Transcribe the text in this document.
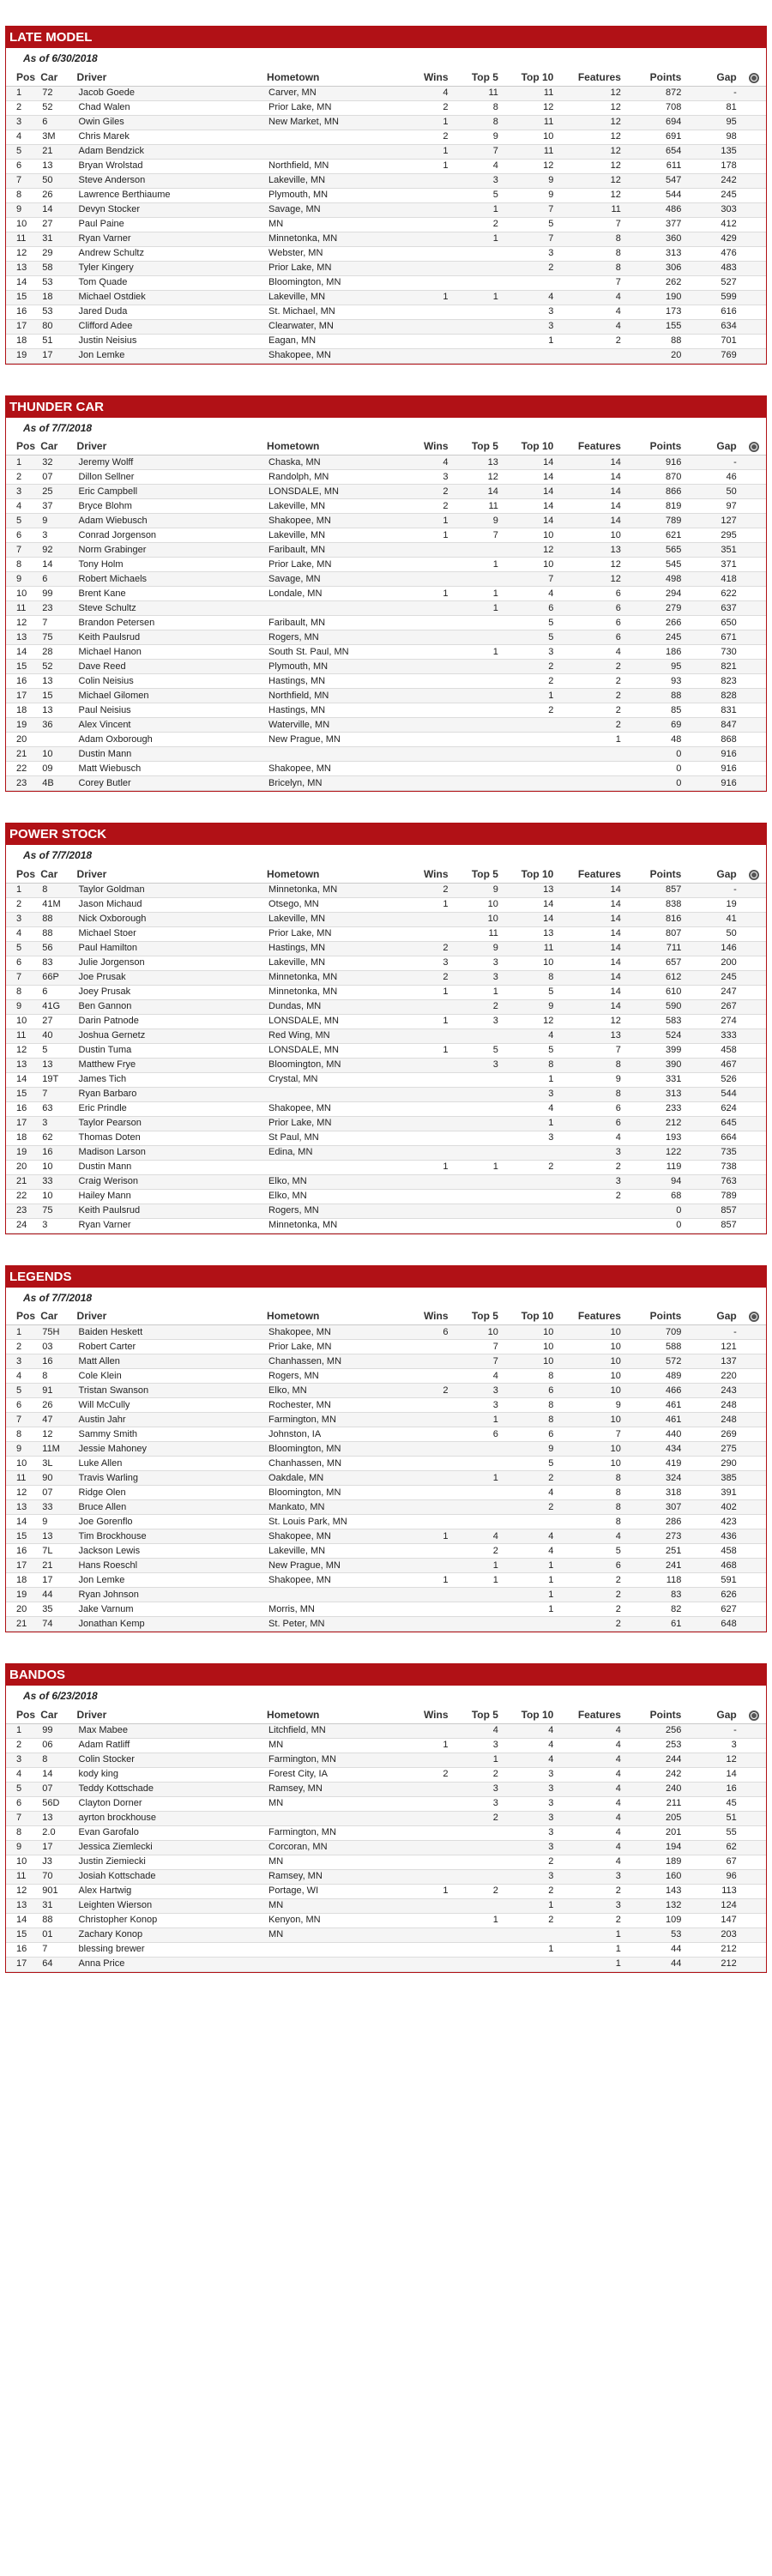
LATE MODEL
As of 6/30/2018
Pos	Car	Driver	Hometown	Wins	Top 5	Top 10	Features	Points	Gap	
1	72	Jacob Goede	Carver, MN	4	11	11	12	872	-	
2	52	Chad Walen	Prior Lake, MN	2	8	12	12	708	81	
3	6	Owin Giles	New Market, MN	1	8	11	12	694	95	
4	3M	Chris Marek		2	9	10	12	691	98	
5	21	Adam Bendzick		1	7	11	12	654	135	
6	13	Bryan Wrolstad	Northfield, MN	1	4	12	12	611	178	
7	50	Steve Anderson	Lakeville, MN		3	9	12	547	242	
8	26	Lawrence Berthiaume	Plymouth, MN		5	9	12	544	245	
9	14	Devyn Stocker	Savage, MN		1	7	11	486	303	
10	27	Paul Paine	MN		2	5	7	377	412	
11	31	Ryan Varner	Minnetonka, MN		1	7	8	360	429	
12	29	Andrew Schultz	Webster, MN			3	8	313	476	
13	58	Tyler Kingery	Prior Lake, MN			2	8	306	483	
14	53	Tom Quade	Bloomington, MN				7	262	527	
15	18	Michael Ostdiek	Lakeville, MN	1	1	4	4	190	599	
16	53	Jared Duda	St. Michael, MN			3	4	173	616	
17	80	Clifford Adee	Clearwater, MN			3	4	155	634	
18	51	Justin Neisius	Eagan, MN			1	2	88	701	
19	17	Jon Lemke	Shakopee, MN					20	769	
THUNDER CAR
As of 7/7/2018
Pos	Car	Driver	Hometown	Wins	Top 5	Top 10	Features	Points	Gap	
1	32	Jeremy Wolff	Chaska, MN	4	13	14	14	916	-	
2	07	Dillon Sellner	Randolph, MN	3	12	14	14	870	46	
3	25	Eric Campbell	LONSDALE, MN	2	14	14	14	866	50	
4	37	Bryce Blohm	Lakeville, MN	2	11	14	14	819	97	
5	9	Adam Wiebusch	Shakopee, MN	1	9	14	14	789	127	
6	3	Conrad Jorgenson	Lakeville, MN	1	7	10	10	621	295	
7	92	Norm Grabinger	Faribault, MN			12	13	565	351	
8	14	Tony Holm	Prior Lake, MN		1	10	12	545	371	
9	6	Robert Michaels	Savage, MN			7	12	498	418	
10	99	Brent Kane	Londale, MN	1	1	4	6	294	622	
11	23	Steve Schultz			1	6	6	279	637	
12	7	Brandon Petersen	Faribault, MN			5	6	266	650	
13	75	Keith Paulsrud	Rogers, MN			5	6	245	671	
14	28	Michael Hanon	South St. Paul, MN		1	3	4	186	730	
15	52	Dave Reed	Plymouth, MN			2	2	95	821	
16	13	Colin Neisius	Hastings, MN			2	2	93	823	
17	15	Michael Gilomen	Northfield, MN			1	2	88	828	
18	13	Paul Neisius	Hastings, MN			2	2	85	831	
19	36	Alex Vincent	Waterville, MN				2	69	847	
20		Adam Oxborough	New Prague, MN				1	48	868	
21	10	Dustin Mann						0	916	
22	09	Matt Wiebusch	Shakopee, MN					0	916	
23	4B	Corey Butler	Bricelyn, MN					0	916	
POWER STOCK
As of 7/7/2018
Pos	Car	Driver	Hometown	Wins	Top 5	Top 10	Features	Points	Gap	
1	8	Taylor Goldman	Minnetonka, MN	2	9	13	14	857	-	
2	41M	Jason Michaud	Otsego, MN	1	10	14	14	838	19	
3	88	Nick Oxborough	Lakeville, MN		10	14	14	816	41	
4	88	Michael Stoer	Prior Lake, MN		11	13	14	807	50	
5	56	Paul Hamilton	Hastings, MN	2	9	11	14	711	146	
6	83	Julie Jorgenson	Lakeville, MN	3	3	10	14	657	200	
7	66P	Joe Prusak	Minnetonka, MN	2	3	8	14	612	245	
8	6	Joey Prusak	Minnetonka, MN	1	1	5	14	610	247	
9	41G	Ben Gannon	Dundas, MN		2	9	14	590	267	
10	27	Darin Patnode	LONSDALE, MN	1	3	12	12	583	274	
11	40	Joshua Gernetz	Red Wing, MN			4	13	524	333	
12	5	Dustin Tuma	LONSDALE, MN	1	5	5	7	399	458	
13	13	Matthew Frye	Bloomington, MN		3	8	8	390	467	
14	19T	James Tich	Crystal, MN			1	9	331	526	
15	7	Ryan Barbaro				3	8	313	544	
16	63	Eric Prindle	Shakopee, MN			4	6	233	624	
17	3	Taylor Pearson	Prior Lake, MN			1	6	212	645	
18	62	Thomas Doten	St Paul, MN			3	4	193	664	
19	16	Madison Larson	Edina, MN				3	122	735	
20	10	Dustin Mann		1	1	2	2	119	738	
21	33	Craig Werison	Elko, MN				3	94	763	
22	10	Hailey Mann	Elko, MN				2	68	789	
23	75	Keith Paulsrud	Rogers, MN					0	857	
24	3	Ryan Varner	Minnetonka, MN					0	857	
LEGENDS
As of 7/7/2018
Pos	Car	Driver	Hometown	Wins	Top 5	Top 10	Features	Points	Gap	
1	75H	Baiden Heskett	Shakopee, MN	6	10	10	10	709	-	
2	03	Robert Carter	Prior Lake, MN		7	10	10	588	121	
3	16	Matt Allen	Chanhassen, MN		7	10	10	572	137	
4	8	Cole Klein	Rogers, MN		4	8	10	489	220	
5	91	Tristan Swanson	Elko, MN	2	3	6	10	466	243	
6	26	Will McCully	Rochester, MN		3	8	9	461	248	
7	47	Austin Jahr	Farmington, MN		1	8	10	461	248	
8	12	Sammy Smith	Johnston, IA		6	6	7	440	269	
9	11M	Jessie Mahoney	Bloomington, MN			9	10	434	275	
10	3L	Luke Allen	Chanhassen, MN			5	10	419	290	
11	90	Travis Warling	Oakdale, MN		1	2	8	324	385	
12	07	Ridge Olen	Bloomington, MN			4	8	318	391	
13	33	Bruce Allen	Mankato, MN			2	8	307	402	
14	9	Joe Gorenflo	St. Louis Park, MN				8	286	423	
15	13	Tim Brockhouse	Shakopee, MN	1	4	4	4	273	436	
16	7L	Jackson Lewis	Lakeville, MN		2	4	5	251	458	
17	21	Hans Roeschl	New Prague, MN		1	1	6	241	468	
18	17	Jon Lemke	Shakopee, MN	1	1	1	2	118	591	
19	44	Ryan Johnson				1	2	83	626	
20	35	Jake Varnum	Morris, MN			1	2	82	627	
21	74	Jonathan Kemp	St. Peter, MN				2	61	648	
BANDOS
As of 6/23/2018
Pos	Car	Driver	Hometown	Wins	Top 5	Top 10	Features	Points	Gap	
1	99	Max Mabee	Litchfield, MN		4	4	4	256	-	
2	06	Adam Ratliff	MN	1	3	4	4	253	3	
3	8	Colin Stocker	Farmington, MN		1	4	4	244	12	
4	14	kody king	Forest City, IA	2	2	3	4	242	14	
5	07	Teddy Kottschade	Ramsey, MN		3	3	4	240	16	
6	56D	Clayton Dorner	MN		3	3	4	211	45	
7	13	ayrton brockhouse			2	3	4	205	51	
8	2.0	Evan Garofalo	Farmington, MN			3	4	201	55	
9	17	Jessica Ziemlecki	Corcoran, MN			3	4	194	62	
10	J3	Justin Ziemiecki	MN			2	4	189	67	
11	70	Josiah Kottschade	Ramsey, MN			3	3	160	96	
12	901	Alex Hartwig	Portage, WI	1	2	2	2	143	113	
13	31	Leighten Wierson	MN			1	3	132	124	
14	88	Christopher Konop	Kenyon, MN		1	2	2	109	147	
15	01	Zachary Konop	MN				1	53	203	
16	7	blessing brewer				1	1	44	212	
17	64	Anna Price					1	44	212	
